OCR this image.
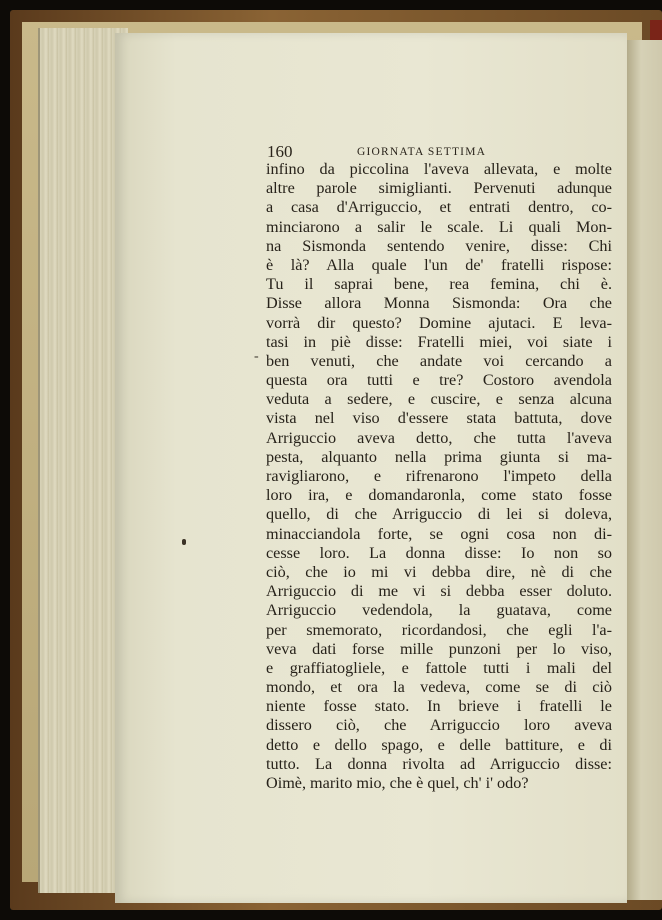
160	GIORNATA SETTIMA
-
infino da piccolina l'aveva allevata, e molte
altre parole simiglianti. Pervenuti adunque
a casa d'Arriguccio, et entrati dentro, co-
minciarono a salir le scale. Li quali Mon-
na Sismonda sentendo venire, disse: Chi
è là? Alla quale l'un de' fratelli rispose:
Tu il saprai bene, rea femina, chi è.
Disse allora Monna Sismonda: Ora che
vorrà dir questo? Domine ajutaci. E leva-
tasi in piè disse: Fratelli miei, voi siate i
ben venuti, che andate voi cercando a
questa ora tutti e tre? Costoro avendola
veduta a sedere, e cuscire, e senza alcuna
vista nel viso d'essere stata battuta, dove
Arriguccio aveva detto, che tutta l'aveva
pesta, alquanto nella prima giunta si ma-
ravigliarono, e rifrenarono l'impeto della
loro ira, e domandaronla, come stato fosse
quello, di che Arriguccio di lei si doleva,
minacciandola forte, se ogni cosa non di-
cesse loro. La donna disse: Io non so
ciò, che io mi vi debba dire, nè di che
Arriguccio di me vi si debba esser doluto.
Arriguccio vedendola, la guatava, come
per smemorato, ricordandosi, che egli l'a-
veva dati forse mille punzoni per lo viso,
e graffiatogliele, e fattole tutti i mali del
mondo, et ora la vedeva, come se di ciò
niente fosse stato. In brieve i fratelli le
dissero ciò, che Arriguccio loro aveva
detto e dello spago, e delle battiture, e di
tutto. La donna rivolta ad Arriguccio disse:
Oimè, marito mio, che è quel, ch' i' odo?
